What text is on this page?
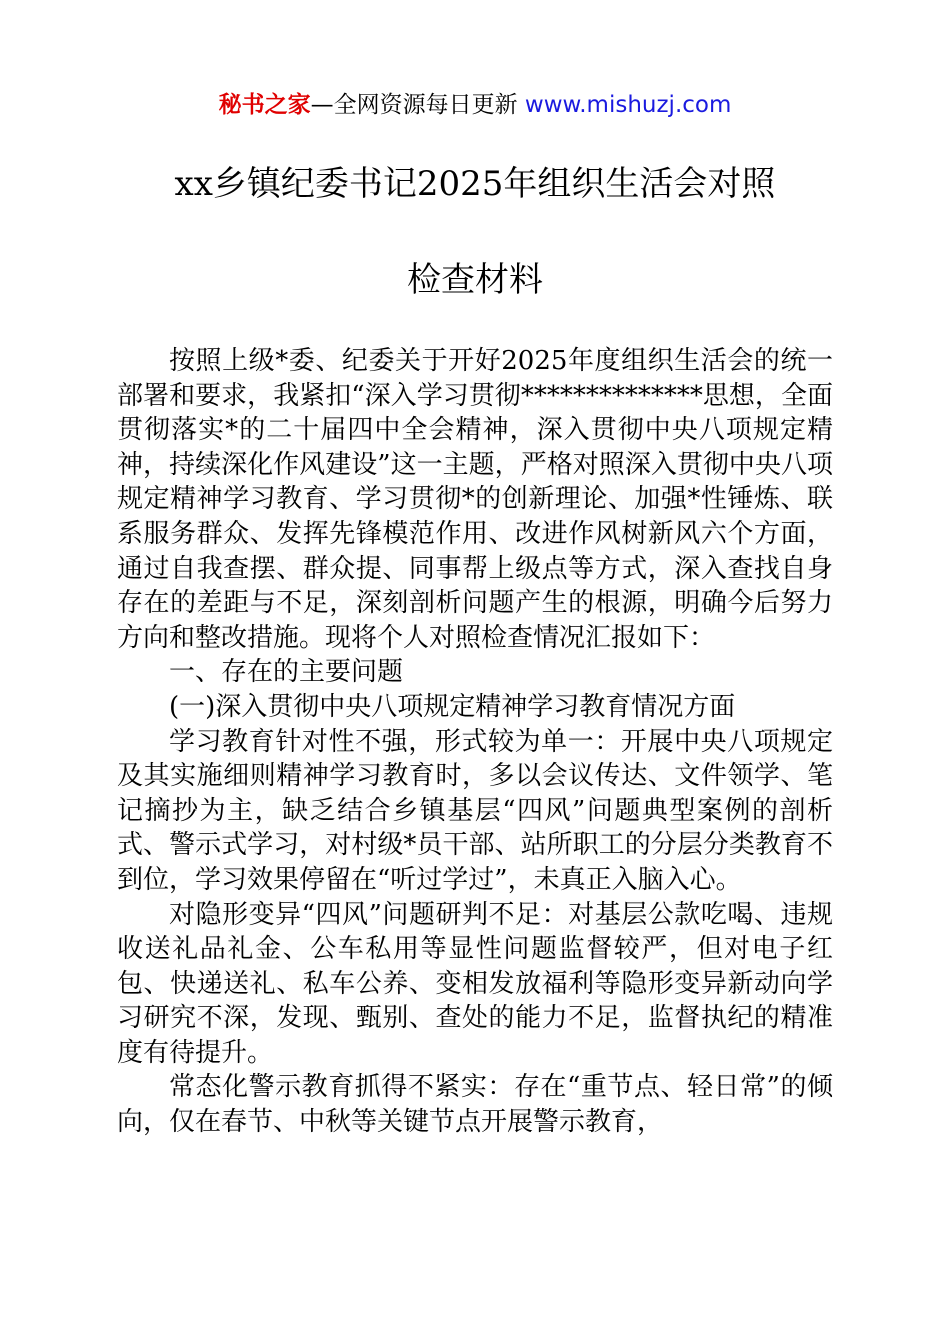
秘书之家—全网资源每日更新 www.mishuzj.com
xx乡镇纪委书记2025年组织生活会对照
检查材料

按照上级*委、纪委关于开好2025年度组织生活会的统一部署和要求，我紧扣“深入学习贯彻**************思想，全面贯彻落实*的二十届四中全会精神，深入贯彻中央八项规定精神，持续深化作风建设”这一主题，严格对照深入贯彻中央八项规定精神学习教育、学习贯彻*的创新理论、加强*性锤炼、联系服务群众、发挥先锋模范作用、改进作风树新风六个方面，通过自我查摆、群众提、同事帮上级点等方式，深入查找自身存在的差距与不足，深刻剖析问题产生的根源，明确今后努力方向和整改措施。现将个人对照检查情况汇报如下：

一、存在的主要问题

(一)深入贯彻中央八项规定精神学习教育情况方面

学习教育针对性不强，形式较为单一：开展中央八项规定及其实施细则精神学习教育时，多以会议传达、文件领学、笔记摘抄为主，缺乏结合乡镇基层“四风”问题典型案例的剖析式、警示式学习，对村级*员干部、站所职工的分层分类教育不到位，学习效果停留在“听过学过”，未真正入脑入心。

对隐形变异“四风”问题研判不足：对基层公款吃喝、违规收送礼品礼金、公车私用等显性问题监督较严，但对电子红包、快递送礼、私车公养、变相发放福利等隐形变异新动向学习研究不深，发现、甄别、查处的能力不足，监督执纪的精准度有待提升。

常态化警示教育抓得不紧实：存在“重节点、轻日常”的倾向，仅在春节、中秋等关键节点开展警示教育，
